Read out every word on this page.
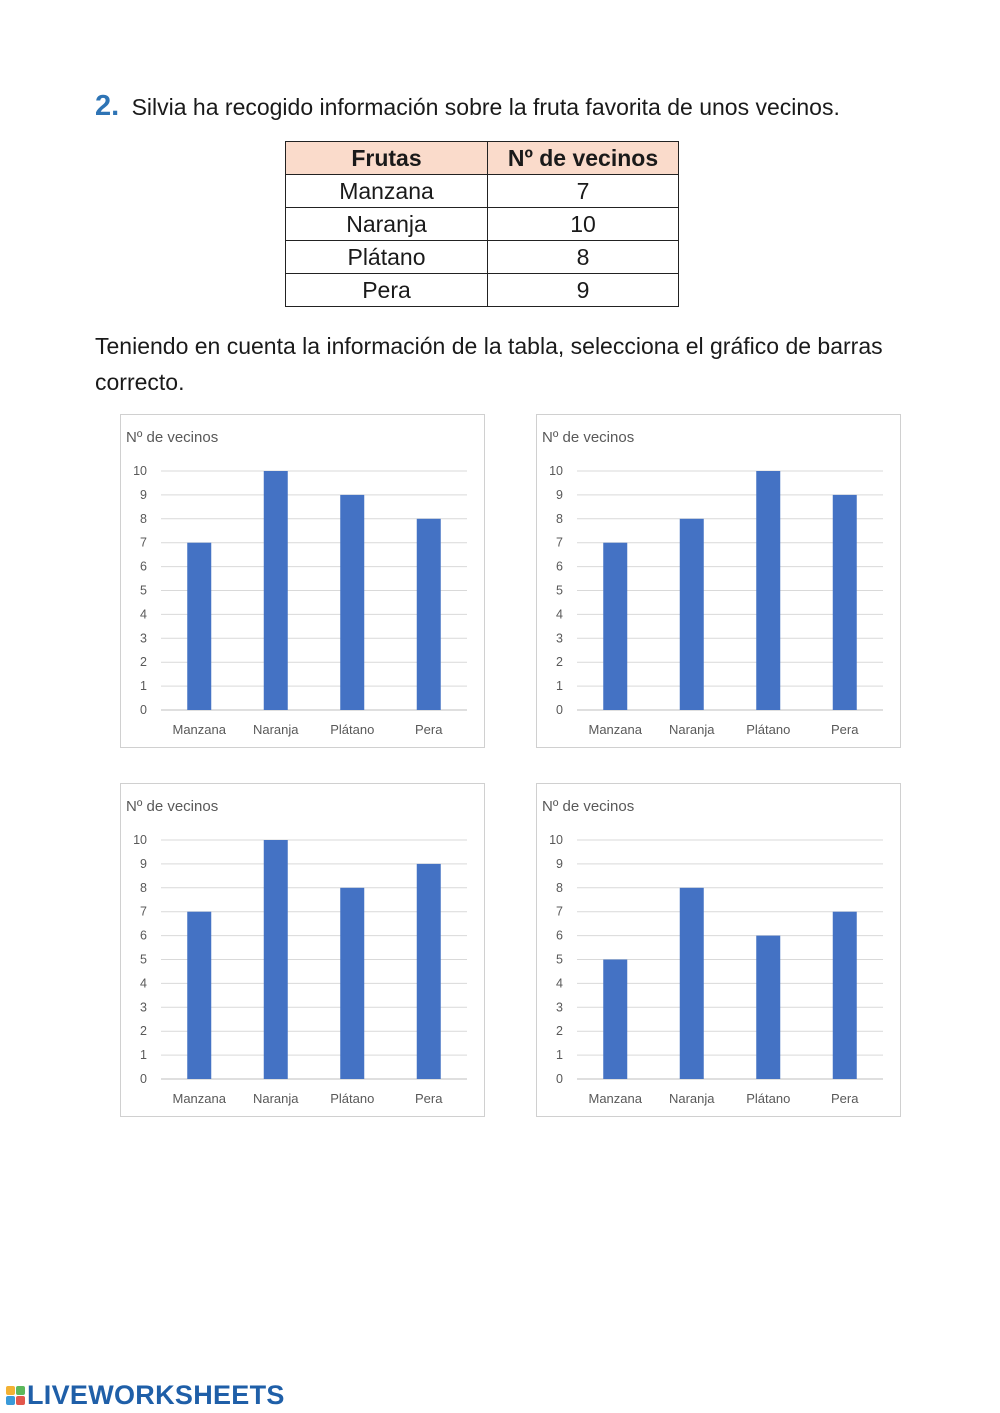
2. Silvia ha recogido información sobre la fruta favorita de unos vecinos.
Frutas	Nº de vecinos
Manzana	7
Naranja	10
Plátano	8
Pera	9
Teniendo en cuenta la información de la tabla, selecciona el gráfico de barras correcto.
Nº de vecinos
0
1
2
3
4
5
6
7
8
9
10
Manzana Naranja Plátano	Pera
Nº de vecinos
0
1
2
3
4
5
6
7
8
9
10
Manzana Naranja Plátano	Pera
Nº de vecinos
0
1
2
3
4
5
6
7
8
9
10
Manzana Naranja Plátano	Pera
Nº de vecinos
0
1
2
3
4
5
6
7
8
9
10
Manzana Naranja Plátano	Pera
LIVEWORKSHEETS
